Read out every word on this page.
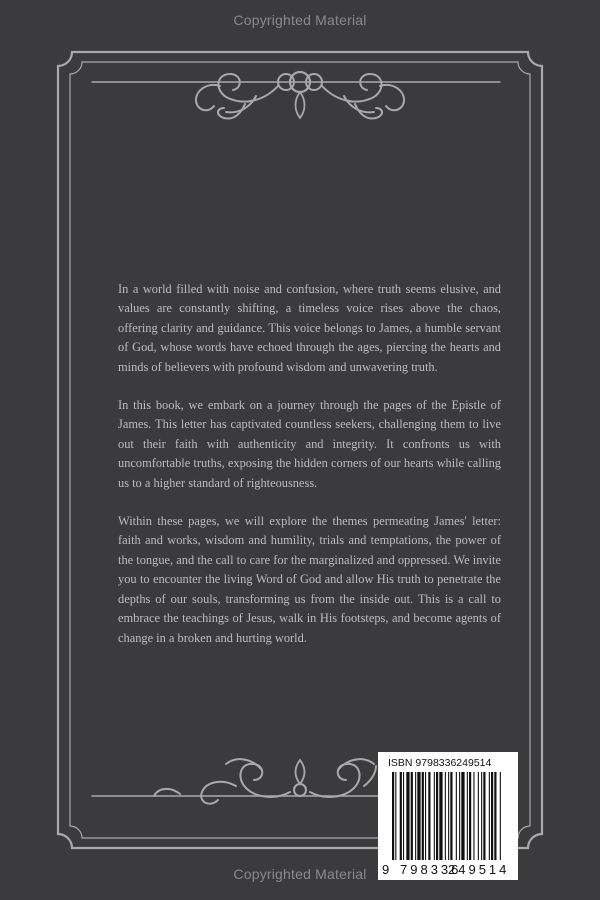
Copyrighted Material

In a world filled with noise and confusion, where truth seems elusive, and values are constantly shifting, a timeless voice rises above the chaos, offering clarity and guidance. This voice belongs to James, a humble servant of God, whose words have echoed through the ages, piercing the hearts and minds of believers with profound wisdom and unwavering truth.

In this book, we embark on a journey through the pages of the Epistle of James. This letter has captivated countless seekers, challenging them to live out their faith with authenticity and integrity. It confronts us with uncomfortable truths, exposing the hidden corners of our hearts while calling us to a higher standard of righteousness.

Within these pages, we will explore the themes permeating James' letter: faith and works, wisdom and humility, trials and temptations, the power of the tongue, and the call to care for the marginalized and oppressed. We invite you to encounter the living Word of God and allow His truth to penetrate the depths of our souls, transforming us from the inside out. This is a call to embrace the teachings of Jesus, walk in His footsteps, and become agents of change in a broken and hurting world.

ISBN 9798336249514
9 798336
249514
Copyrighted Material
